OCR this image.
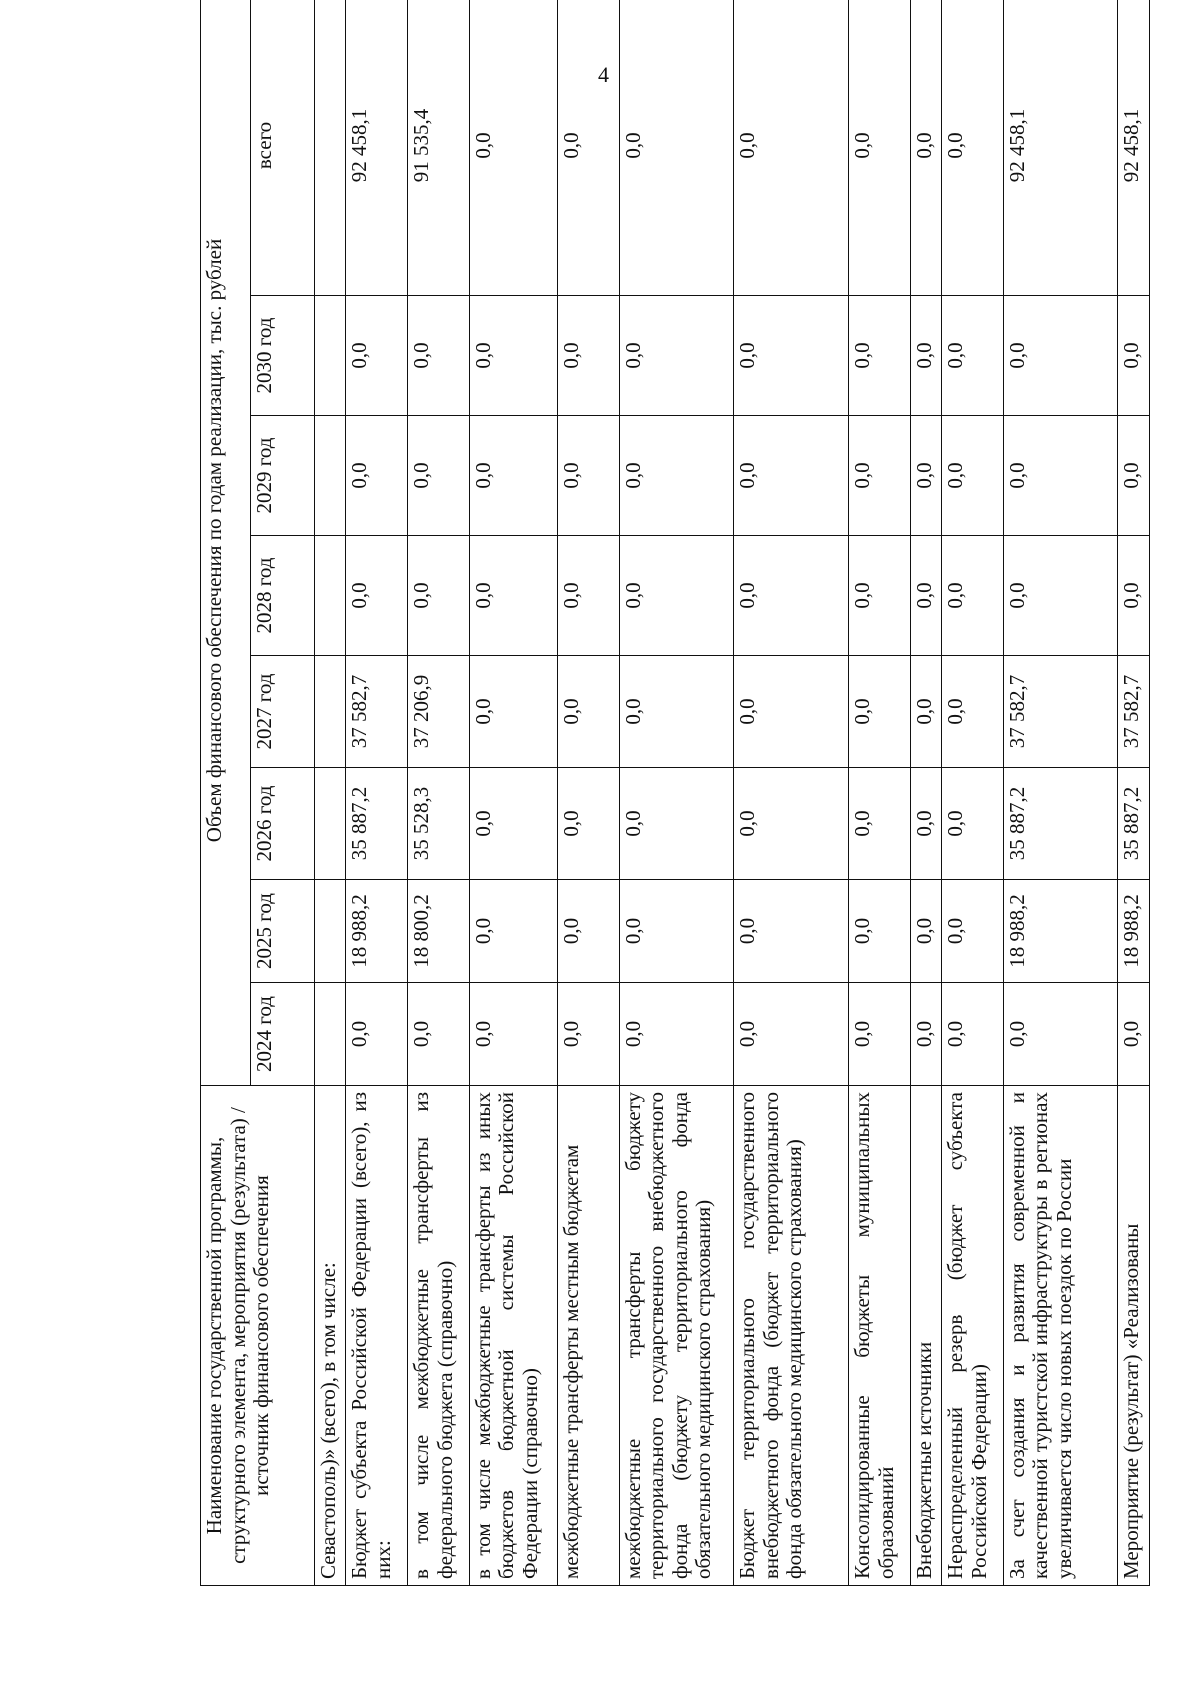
4
Наименование государственной программы, структурного элемента, мероприятия (результата) / источник финансового обеспечения	Объем финансового обеспечения по годам реализации, тыс. рублей							
	2024 год	2025 год	2026 год	2027 год	2028 год	2029 год	2030 год	всего
Севастополь)» (всего), в том числе:								
Бюджет субъекта Российской Федерации (всего), из них:	0,0	18 988,2	35 887,2	37 582,7	0,0	0,0	0,0	92 458,1
в том числе межбюджетные трансферты из федерального бюджета (справочно)	0,0	18 800,2	35 528,3	37 206,9	0,0	0,0	0,0	91 535,4
в том числе межбюджетные трансферты из иных бюджетов бюджетной системы Российской Федерации (справочно)	0,0	0,0	0,0	0,0	0,0	0,0	0,0	0,0
межбюджетные трансферты местным бюджетам	0,0	0,0	0,0	0,0	0,0	0,0	0,0	0,0
межбюджетные трансферты бюджету территориального государственного внебюджетного фонда (бюджету территориального фонда обязательного медицинского страхования)	0,0	0,0	0,0	0,0	0,0	0,0	0,0	0,0
Бюджет территориального государственного внебюджетного фонда (бюджет территориального фонда обязательного медицинского страхования)	0,0	0,0	0,0	0,0	0,0	0,0	0,0	0,0
Консолидированные бюджеты муниципальных образований	0,0	0,0	0,0	0,0	0,0	0,0	0,0	0,0
Внебюджетные источники	0,0	0,0	0,0	0,0	0,0	0,0	0,0	0,0
Нераспределенный резерв (бюджет субъекта Российской Федерации)	0,0	0,0	0,0	0,0	0,0	0,0	0,0	0,0
За счет создания и развития современной и качественной туристской инфраструктуры в регионах увеличивается число новых поездок по России	0,0	18 988,2	35 887,2	37 582,7	0,0	0,0	0,0	92 458,1
Мероприятие (результат) «Реализованы	0,0	18 988,2	35 887,2	37 582,7	0,0	0,0	0,0	92 458,1
